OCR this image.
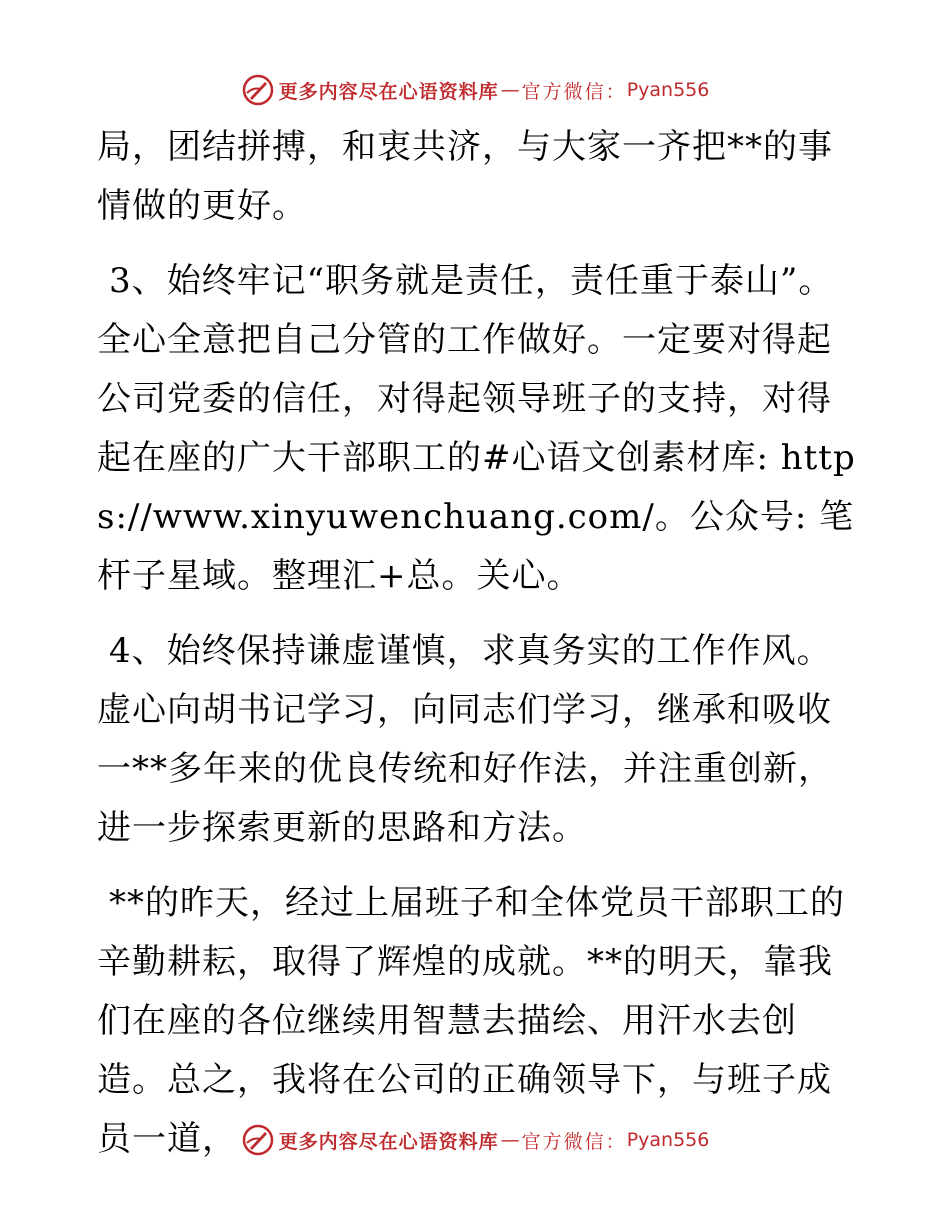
更多内容尽在心语资料库 — 官方微信： Pyan556

局，团结拼搏，和衷共济，与大家一齐把**的事情做的更好。

3、始终牢记“职务就是责任，责任重于泰山”。全心全意把自己分管的工作做好。一定要对得起公司党委的信任，对得起领导班子的支持，对得起在座的广大干部职工的#心语文创素材库: https://www.xinyuwenchuang.com/。公众号: 笔杆子星域。整理汇+总。关心。

4、始终保持谦虚谨慎，求真务实的工作作风。虚心向胡书记学习，向同志们学习，继承和吸收一**多年来的优良传统和好作法，并注重创新，进一步探索更新的思路和方法。

**的昨天，经过上届班子和全体党员干部职工的辛勤耕耘，取得了辉煌的成就。**的明天，靠我们在座的各位继续用智慧去描绘、用汗水去创造。总之，我将在公司的正确领导下，与班子成员一道，	更多内容尽在心语资料库 — 官方微信： Pyan556
